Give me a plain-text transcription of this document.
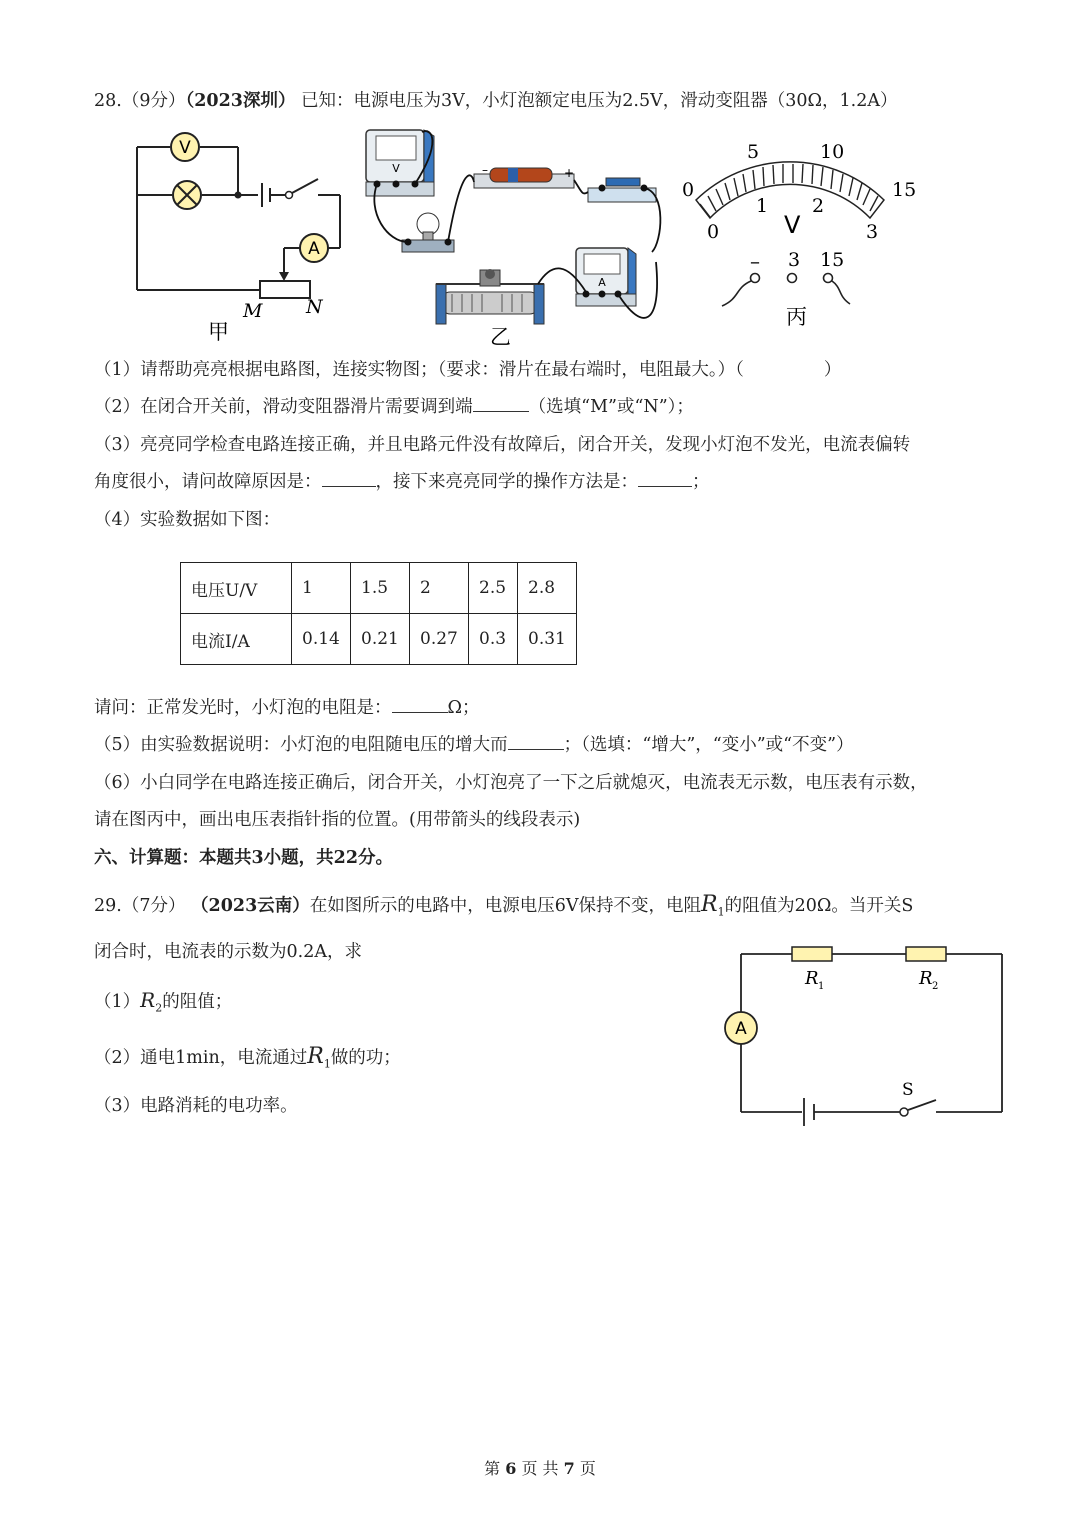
28.（9分）（2023深圳） 已知：电源电压为3V，小灯泡额定电压为2.5V，滑动变阻器（30Ω，1.2A）
V
A
M N
甲
V	–	+
A
乙
0
5	10
15
0
1 2
3
V
– 3 15
丙
（1）请帮助亮亮根据电路图，连接实物图；（要求：滑片在最右端时，电阻最大。）（	）
（2）在闭合开关前，滑动变阻器滑片需要调到端	（选填“M”或“N”）；
（3）亮亮同学检查电路连接正确，并且电路元件没有故障后，闭合开关，发现小灯泡不发光，电流表偏转
角度很小，请问故障原因是：	，接下来亮亮同学的操作方法是：	；
（4）实验数据如下图：
电压U/V	1	1.5	2	2.5	2.8
电流I/A	0.14	0.21	0.27	0.3	0.31
请问：正常发光时，小灯泡的电阻是：	Ω；
（5）由实验数据说明：小灯泡的电阻随电压的增大而	；（选填：“增大”，“变小”或“不变”）
（6）小白同学在电路连接正确后，闭合开关，小灯泡亮了一下之后就熄灭，电流表无示数，电压表有示数，
请在图丙中，画出电压表指针指的位置。(用带箭头的线段表示)
六、计算题：本题共3小题，共22分。
29.（7分） （2023云南）在如图所示的电路中，电源电压6V保持不变，电阻$R_1$的阻值为20Ω。当开关S
闭合时，电流表的示数为0.2A，求
$(1)R_2$的阻值；
（2）通电1min，电流通过$R_1$做的功；
（3）电路消耗的电功率。
R 1	R 2
A
S
第 6 页 共 7 页
